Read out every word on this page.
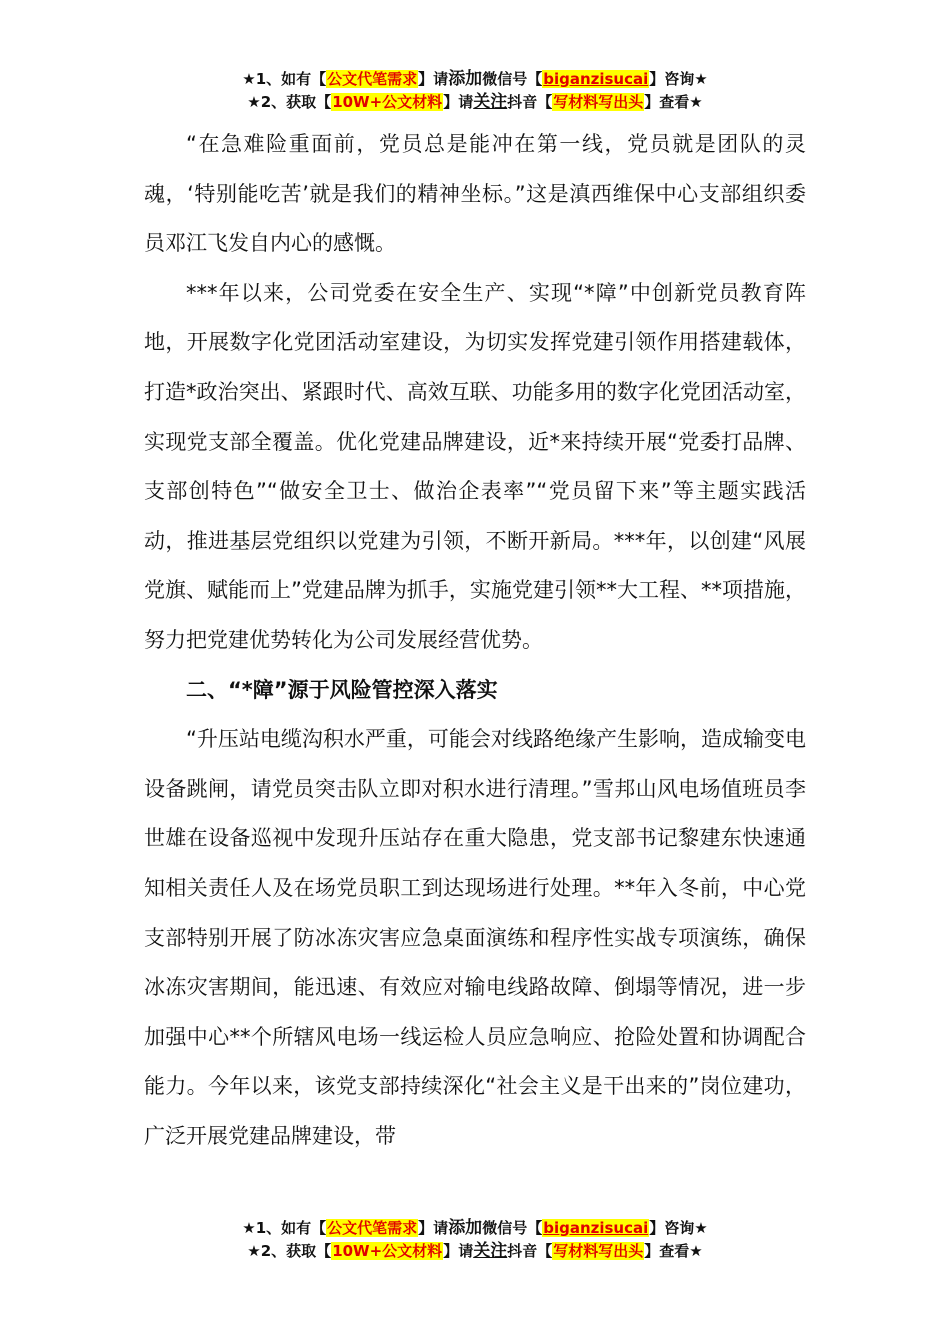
★1、如有【公文代笔需求】请添加微信号【biganzisucai】咨询★
★2、获取【10W+公文材料】请关注抖音【写材料写出头】查看★

“在急难险重面前，党员总是能冲在第一线，党员就是团队的灵魂，‘特别能吃苦’就是我们的精神坐标。”这是滇西维保中心支部组织委员邓江飞发自内心的感慨。

***年以来，公司党委在安全生产、实现“*障”中创新党员教育阵地，开展数字化党团活动室建设，为切实发挥党建引领作用搭建载体，打造*政治突出、紧跟时代、高效互联、功能多用的数字化党团活动室，实现党支部全覆盖。优化党建品牌建设，近*来持续开展“党委打品牌、支部创特色”“做安全卫士、做治企表率”“党员留下来”等主题实践活动，推进基层党组织以党建为引领，不断开新局。***年，以创建“风展党旗、赋能而上”党建品牌为抓手，实施党建引领**大工程、**项措施，努力把党建优势转化为公司发展经营优势。

二、“*障”源于风险管控深入落实

“升压站电缆沟积水严重，可能会对线路绝缘产生影响，造成输变电设备跳闸，请党员突击队立即对积水进行清理。”雪邦山风电场值班员李世雄在设备巡视中发现升压站存在重大隐患，党支部书记黎建东快速通知相关责任人及在场党员职工到达现场进行处理。**年入冬前，中心党支部特别开展了防冰冻灾害应急桌面演练和程序性实战专项演练，确保冰冻灾害期间，能迅速、有效应对输电线路故障、倒塌等情况，进一步加强中心**个所辖风电场一线运检人员应急响应、抢险处置和协调配合能力。今年以来，该党支部持续深化“社会主义是干出来的”岗位建功，广泛开展党建品牌建设，带

★1、如有【公文代笔需求】请添加微信号【biganzisucai】咨询★
★2、获取【10W+公文材料】请关注抖音【写材料写出头】查看★
